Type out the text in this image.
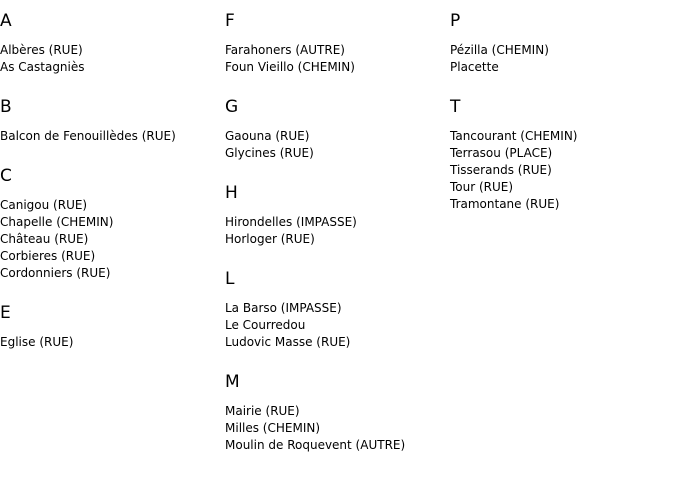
A
Albères (RUE)
As Castagniès
B
Balcon de Fenouillèdes (RUE)
C
Canigou (RUE)
Chapelle (CHEMIN)
Château (RUE)
Corbieres (RUE)
Cordonniers (RUE)
E
Eglise (RUE)
F
Farahoners (AUTRE)
Foun Vieillo (CHEMIN)
G
Gaouna (RUE)
Glycines (RUE)
H
Hirondelles (IMPASSE)
Horloger (RUE)
L
La Barso (IMPASSE)
Le Courredou
Ludovic Masse (RUE)
M
Mairie (RUE)
Milles (CHEMIN)
Moulin de Roquevent (AUTRE)
P
Pézilla (CHEMIN)
Placette
T
Tancourant (CHEMIN)
Terrasou (PLACE)
Tisserands (RUE)
Tour (RUE)
Tramontane (RUE)
